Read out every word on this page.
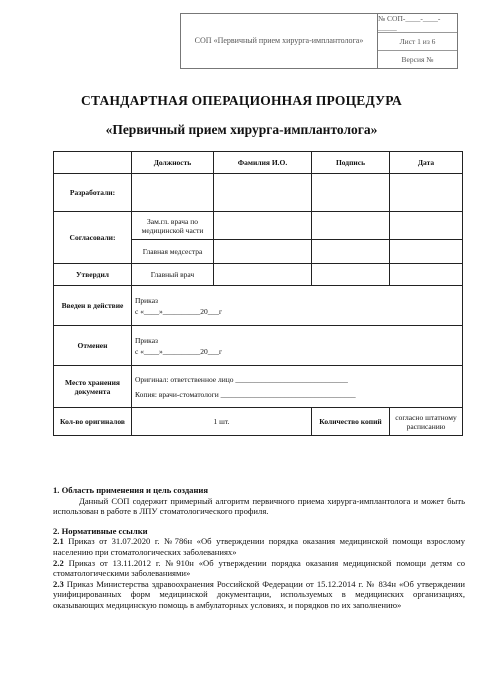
СОП «Первичный прием хирурга-имплантолога»
№ СОП-____-____-_____
Лист 1 из 6
Версия №
СТАНДАРТНАЯ ОПЕРАЦИОННАЯ ПРОЦЕДУРА
«Первичный прием хирурга-имплантолога»
	Должность	Фамилия И.О.	Подпись	Дата
Разработали:				
Согласовали:	Зам.гл. врача по медицинской части			
	Главная медсестра			
Утвердил	Главный врач			
Введен в действие	Приказ
с «____»__________20___г			

Отменен	Приказ
с «____»__________20___г			

Место хранения документа	Оригинал: ответственное лицо ______________________________
Копия: врачи-стоматологи ____________________________________			

Кол-во оригиналов	1 шт.		Количество копий	согласно штатному расписанию

1. Область применения и цель создания

Данный СОП содержит примерный алгоритм первичного приема хирурга-имплантолога и может быть использован в работе в ЛПУ стоматологического профиля.

2. Нормативные ссылки

2.1 Приказ от 31.07.2020 г. №786н «Об утверждении порядка оказания медицинской помощи взрослому населению при стоматологических заболеваниях»

2.2 Приказ от 13.11.2012 г. №910н «Об утверждении порядка оказания медицинской помощи детям со стоматологическими заболеваниями»

2.3 Приказ Министерства здравоохранения Российской Федерации от 15.12.2014 г. № 834н «Об утверждении унифицированных форм медицинской документации, используемых в медицинских организациях, оказывающих медицинскую помощь в амбулаторных условиях, и порядков по их заполнению»
